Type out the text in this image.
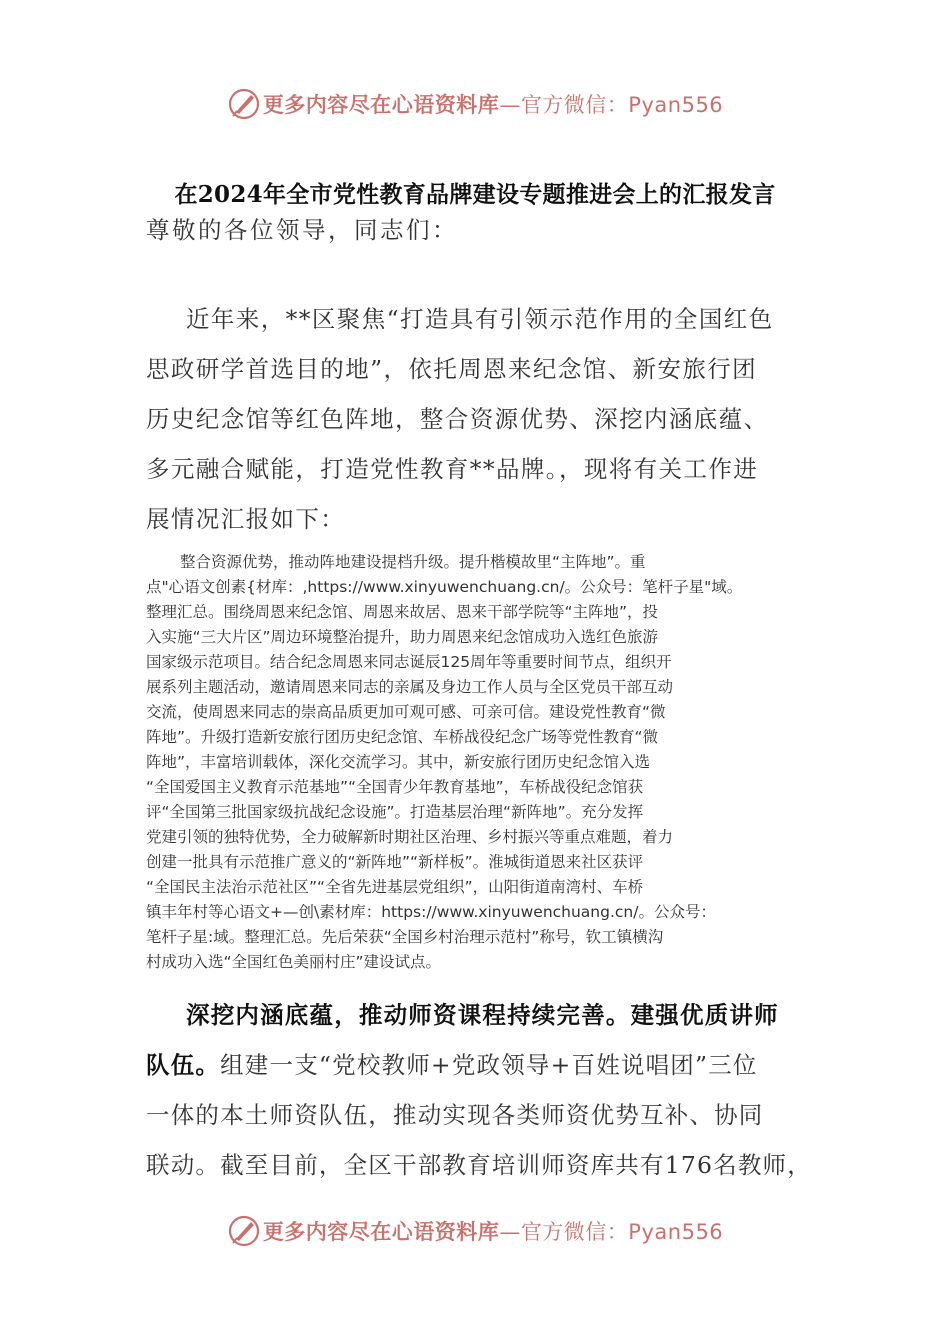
更多内容尽在心语资料库—官方微信：Pyan556
在2024年全市党性教育品牌建设专题推进会上的汇报发言
尊敬的各位领导，同志们：
近年来，**区聚焦“打造具有引领示范作用的全国红色
思政研学首选目的地”，依托周恩来纪念馆、新安旅行团
历史纪念馆等红色阵地，整合资源优势、深挖内涵底蕴、
多元融合赋能，打造党性教育**品牌。，现将有关工作进
展情况汇报如下：
整合资源优势，推动阵地建设提档升级。提升楷模故里“主阵地”。重
点"心语文创素{材库：,https://www.xinyuwenchuang.cn/。公众号：笔杆子星"域。
整理汇总。围绕周恩来纪念馆、周恩来故居、恩来干部学院等“主阵地”，投
入实施“三大片区”周边环境整治提升，助力周恩来纪念馆成功入选红色旅游
国家级示范项目。结合纪念周恩来同志诞辰125周年等重要时间节点，组织开
展系列主题活动，邀请周恩来同志的亲属及身边工作人员与全区党员干部互动
交流，使周恩来同志的崇高品质更加可观可感、可亲可信。建设党性教育“微
阵地”。升级打造新安旅行团历史纪念馆、车桥战役纪念广场等党性教育“微
阵地”，丰富培训载体，深化交流学习。其中，新安旅行团历史纪念馆入选
“全国爱国主义教育示范基地”“全国青少年教育基地”，车桥战役纪念馆获
评“全国第三批国家级抗战纪念设施”。打造基层治理“新阵地”。充分发挥
党建引领的独特优势，全力破解新时期社区治理、乡村振兴等重点难题，着力
创建一批具有示范推广意义的“新阵地”“新样板”。淮城街道恩来社区获评
“全国民主法治示范社区”“全省先进基层党组织”，山阳街道南湾村、车桥
镇丰年村等心语文+—创\素材库：https://www.xinyuwenchuang.cn/。公众号：
笔杆子星:域。整理汇总。先后荣获“全国乡村治理示范村”称号，钦工镇横沟
村成功入选“全国红色美丽村庄”建设试点。
深挖内涵底蕴，推动师资课程持续完善。建强优质讲师
队伍。组建一支“党校教师+党政领导+百姓说唱团”三位
一体的本土师资队伍，推动实现各类师资优势互补、协同
联动。截至目前，全区干部教育培训师资库共有176名教师，
更多内容尽在心语资料库—官方微信：Pyan556
